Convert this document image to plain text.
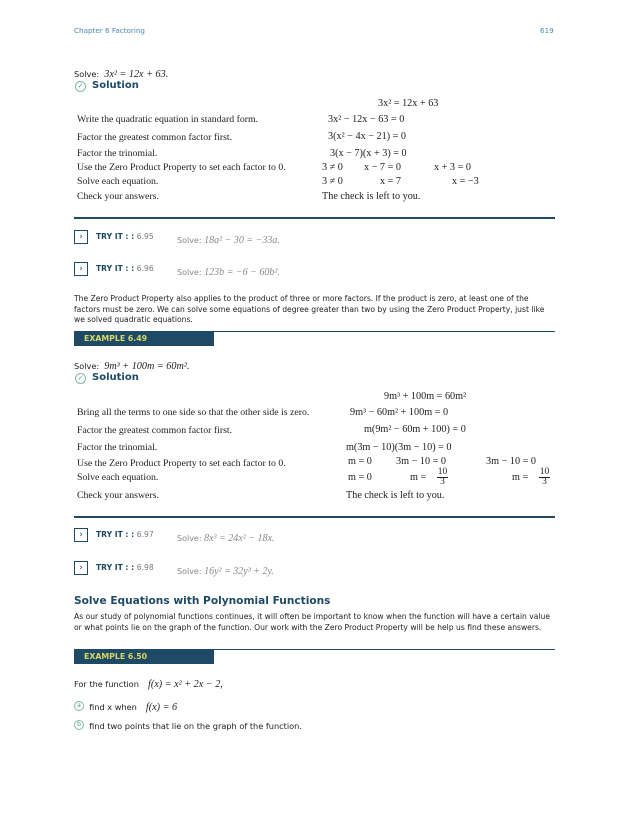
Chapter 6 Factoring	619
Solve: 3x² = 12x + 63.
✓ Solution
3x² = 12x + 63
Write the quadratic equation in standard form.	3x² − 12x − 63 = 0
Factor the greatest common factor first.	3(x² − 4x − 21) = 0
Factor the trinomial.	3(x − 7)(x + 3) = 0
Use the Zero Product Property to set each factor to 0.	3 ≠ 0 x − 7 = 0	x + 3 = 0
Solve each equation.	3 ≠ 0	x = 7	x = −3
Check your answers.	The check is left to you.
›	TRY IT : : 6.95	Solve: 18a² − 30 = −33a.
›	TRY IT : : 6.96	Solve: 123b = −6 − 60b².
The Zero Product Property also applies to the product of three or more factors. If the product is zero, at least one of the factors must be zero. We can solve some equations of degree greater than two by using the Zero Product Property, just like we solved quadratic equations.
EXAMPLE 6.49
Solve: 9m³ + 100m = 60m².
✓ Solution
9m³ + 100m = 60m²
Bring all the terms to one side so that the other side is zero.	9m³ − 60m² + 100m = 0
Factor the greatest common factor first.	m(9m² − 60m + 100) = 0
Factor the trinomial.	m(3m − 10)(3m − 10) = 0
Use the Zero Product Property to set each factor to 0.	m = 0 3m − 10 = 0	3m − 10 = 0
Solve each equation.	m = 0	$m = \frac{10}{3}$	$m = \frac{10}{3}$
Check your answers.	The check is left to you.
›	TRY IT : : 6.97	Solve: 8x³ = 24x² − 18x.
›	TRY IT : : 6.98	Solve: 16y² = 32y³ + 2y.
Solve Equations with Polynomial Functions
As our study of polynomial functions continues, it will often be important to know when the function will have a certain value or what points lie on the graph of the function. Our work with the Zero Product Property will be help us find these answers.
EXAMPLE 6.50
For the function f(x) = x² + 2x − 2,
a find x when f(x) = 6
b find two points that lie on the graph of the function.
